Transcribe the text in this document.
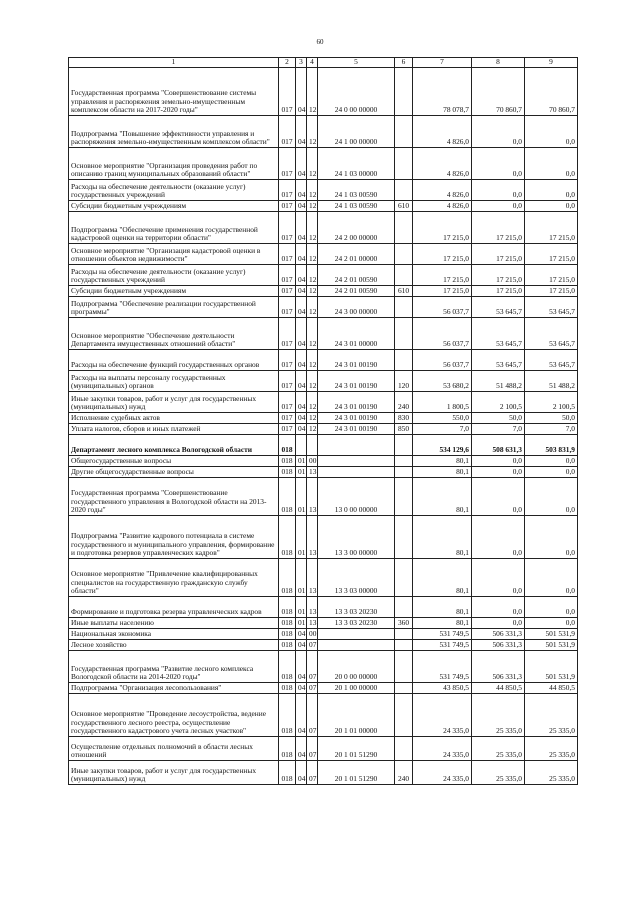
60
1	2	3	4	5	6	7	8	9
Государственная программа "Совершенствование системы управления и распоряжения земельно-имущественным комплексом области на 2017-2020 годы"	017	04	12	24 0 00 00000		78 078,7	70 860,7	70 860,7
Подпрограмма "Повышение эффективности управления и распоряжения земельно-имущественным комплексом области"	017	04	12	24 1 00 00000		4 826,0	0,0	0,0
Основное мероприятие "Организация проведения работ по описанию границ муниципальных образований области"	017	04	12	24 1 03 00000		4 826,0	0,0	0,0
Расходы на обеспечение деятельности (оказание услуг) государственных учреждений	017	04	12	24 1 03 00590		4 826,0	0,0	0,0
Субсидии бюджетным учреждениям	017	04	12	24 1 03 00590	610	4 826,0	0,0	0,0
Подпрограмма "Обеспечение применения государственной кадастровой оценки на территории области"	017	04	12	24 2 00 00000		17 215,0	17 215,0	17 215,0
Основное мероприятие "Организация кадастровой оценки в отношении объектов недвижимости"	017	04	12	24 2 01 00000		17 215,0	17 215,0	17 215,0
Расходы на обеспечение деятельности (оказание услуг) государственных учреждений	017	04	12	24 2 01 00590		17 215,0	17 215,0	17 215,0
Субсидии бюджетным учреждениям	017	04	12	24 2 01 00590	610	17 215,0	17 215,0	17 215,0
Подпрограмма "Обеспечение реализации государственной программы"	017	04	12	24 3 00 00000		56 037,7	53 645,7	53 645,7
Основное мероприятие "Обеспечение деятельности Департамента имущественных отношений области"	017	04	12	24 3 01 00000		56 037,7	53 645,7	53 645,7
Расходы на обеспечение функций государственных органов	017	04	12	24 3 01 00190		56 037,7	53 645,7	53 645,7
Расходы на выплаты персоналу государственных (муниципальных) органов	017	04	12	24 3 01 00190	120	53 680,2	51 488,2	51 488,2
Иные закупки товаров, работ и услуг для государственных (муниципальных) нужд	017	04	12	24 3 01 00190	240	1 800,5	2 100,5	2 100,5
Исполнение судебных актов	017	04	12	24 3 01 00190	830	550,0	50,0	50,0
Уплата налогов, сборов и иных платежей	017	04	12	24 3 01 00190	850	7,0	7,0	7,0
Департамент лесного комплекса Вологодской области	018					534 129,6	508 631,3	503 831,9
Общегосударственные вопросы	018	01	00			80,1	0,0	0,0
Другие общегосударственные вопросы	018	01	13			80,1	0,0	0,0
Государственная программа "Совершенствование государственного управления в Вологодской области на 2013-2020 годы"	018	01	13	13 0 00 00000		80,1	0,0	0,0
Подпрограмма "Развитие кадрового потенциала в системе государственного и муниципального управления, формирование и подготовка резервов управленческих кадров"	018	01	13	13 3 00 00000		80,1	0,0	0,0
Основное мероприятие "Привлечение квалифицированных специалистов на государственную гражданскую службу области"	018	01	13	13 3 03 00000		80,1	0,0	0,0
Формирование и подготовка резерва управленческих кадров	018	01	13	13 3 03 20230		80,1	0,0	0,0
Иные выплаты населению	018	01	13	13 3 03 20230	360	80,1	0,0	0,0
Национальная экономика	018	04	00			531 749,5	506 331,3	501 531,9
Лесное хозяйство	018	04	07			531 749,5	506 331,3	501 531,9
Государственная программа "Развитие лесного комплекса Вологодской области на 2014-2020 годы"	018	04	07	20 0 00 00000		531 749,5	506 331,3	501 531,9
Подпрограмма "Организация лесопользования"	018	04	07	20 1 00 00000		43 850,5	44 850,5	44 850,5
Основное мероприятие "Проведение лесоустройства, ведение государственного лесного реестра, осуществление государственного кадастрового учета лесных участков"	018	04	07	20 1 01 00000		24 335,0	25 335,0	25 335,0
Осуществление отдельных полномочий в области лесных отношений	018	04	07	20 1 01 51290		24 335,0	25 335,0	25 335,0
Иные закупки товаров, работ и услуг для государственных (муниципальных) нужд	018	04	07	20 1 01 51290	240	24 335,0	25 335,0	25 335,0
